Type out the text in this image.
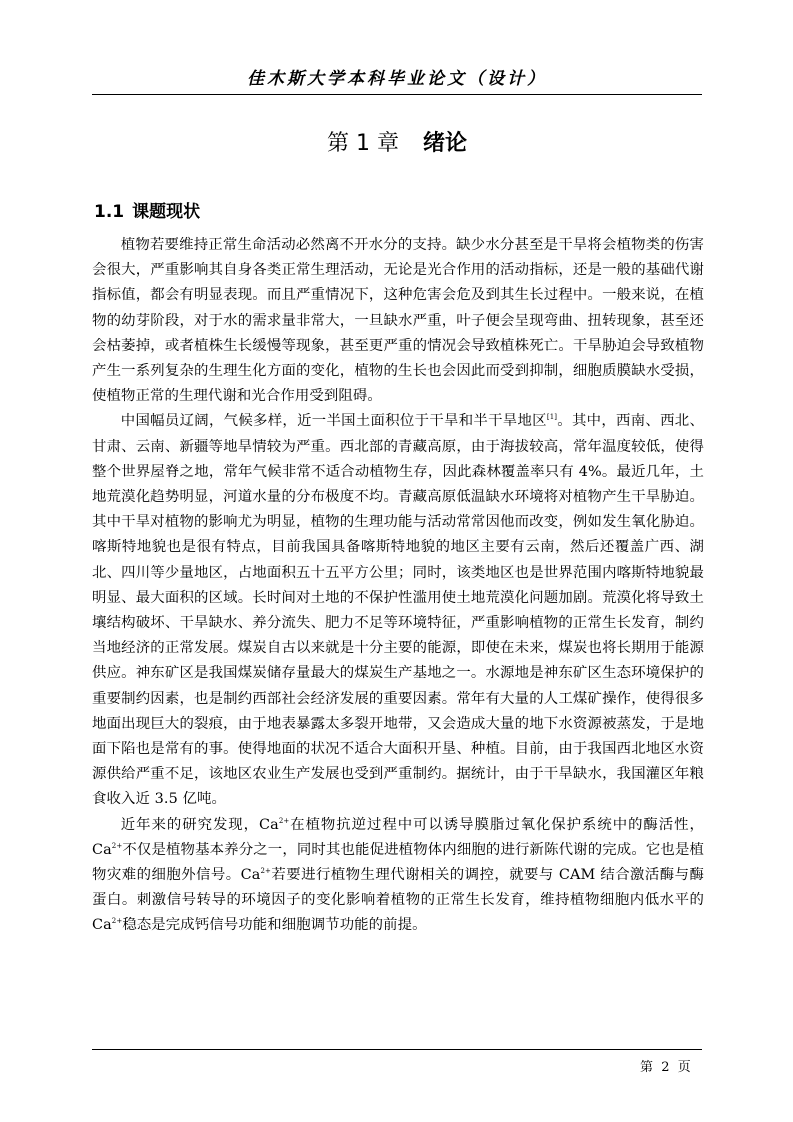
佳木斯大学本科毕业论文（设计）
第 1 章 绪论
1.1 课题现状

植物若要维持正常生命活动必然离不开水分的支持。缺少水分甚至是干旱将会植物类的伤害会很大，严重影响其自身各类正常生理活动，无论是光合作用的活动指标，还是一般的基础代谢指标值，都会有明显表现。而且严重情况下，这种危害会危及到其生长过程中。一般来说，在植物的幼芽阶段，对于水的需求量非常大，一旦缺水严重，叶子便会呈现弯曲、扭转现象，甚至还会枯萎掉，或者植株生长缓慢等现象，甚至更严重的情况会导致植株死亡。干旱胁迫会导致植物产生一系列复杂的生理生化方面的变化，植物的生长也会因此而受到抑制，细胞质膜缺水受损，使植物正常的生理代谢和光合作用受到阻碍。

中国幅员辽阔，气候多样，近一半国土面积位于干旱和半干旱地区[1]。其中，西南、西北、甘肃、云南、新疆等地旱情较为严重。西北部的青藏高原，由于海拔较高，常年温度较低，使得整个世界屋脊之地，常年气候非常不适合动植物生存，因此森林覆盖率只有 4%。最近几年，土地荒漠化趋势明显，河道水量的分布极度不均。青藏高原低温缺水环境将对植物产生干旱胁迫。其中干旱对植物的影响尤为明显，植物的生理功能与活动常常因他而改变，例如发生氧化胁迫。喀斯特地貌也是很有特点，目前我国具备喀斯特地貌的地区主要有云南，然后还覆盖广西、湖北、四川等少量地区，占地面积五十五平方公里；同时，该类地区也是世界范围内喀斯特地貌最明显、最大面积的区域。长时间对土地的不保护性滥用使土地荒漠化问题加剧。荒漠化将导致土壤结构破坏、干旱缺水、养分流失、肥力不足等环境特征，严重影响植物的正常生长发育，制约当地经济的正常发展。煤炭自古以来就是十分主要的能源，即使在未来，煤炭也将长期用于能源供应。神东矿区是我国煤炭储存量最大的煤炭生产基地之一。水源地是神东矿区生态环境保护的重要制约因素，也是制约西部社会经济发展的重要因素。常年有大量的人工煤矿操作，使得很多地面出现巨大的裂痕，由于地表暴露太多裂开地带，又会造成大量的地下水资源被蒸发，于是地面下陷也是常有的事。使得地面的状况不适合大面积开垦、种植。目前，由于我国西北地区水资源供给严重不足，该地区农业生产发展也受到严重制约。据统计，由于干旱缺水，我国灌区年粮食收入近 3.5 亿吨。

近年来的研究发现，$Ca^{2+}$在植物抗逆过程中可以诱导膜脂过氧化保护系统中的酶活性，$Ca^{2+}$不仅是植物基本养分之一，同时其也能促进植物体内细胞的进行新陈代谢的完成。它也是植物灾难的细胞外信号。$Ca^{2+}$若要进行植物生理代谢相关的调控，就要与 CAM 结合激活酶与酶蛋白。刺激信号转导的环境因子的变化影响着植物的正常生长发育，维持植物细胞内低水平的 $Ca^{2+}$稳态是完成钙信号功能和细胞调节功能的前提。

第  2  页
